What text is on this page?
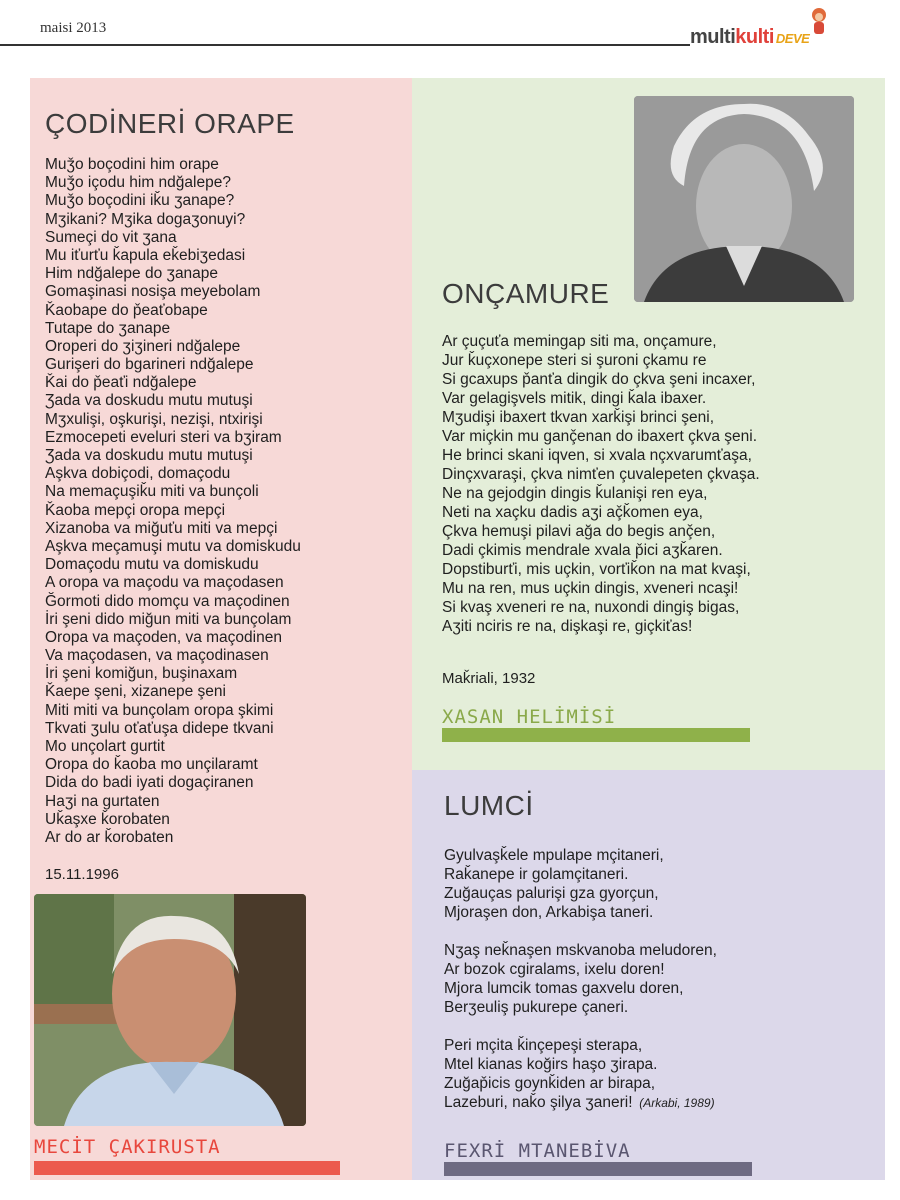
maisi 2013	multikulti DEVE
ÇODİNERİ ORAPE
Muǯo boçodini him orape
Muǯo içodu him ndğalepe?
Muǯo boçodini iǩu ʒanape?
Mʒikani? Mʒika dogaʒonuyi?
Sumeçi do vit ʒana
Mu iťurťu ǩapula eǩebiʒedasi
Him ndğalepe do ʒanape
Gomaşinasi nosişa meyebolam
Ǩaobape do p̌eaťobape
Tutape do ʒanape
Oroperi do ʒiʒineri ndğalepe
Gurişeri do bgarineri ndğalepe
Ǩai do p̌eaťi ndğalepe
Ʒada va doskudu mutu mutuşi
Mʒxulişi, oşkurişi, nezişi, ntxirişi
Ezmocepeti eveluri steri va bʒiram
Ʒada va doskudu mutu mutuşi
Aşkva dobiçodi, domaçodu
Na memaçuşiǩu miti va bunçoli
Ǩaoba mepçi oropa mepçi
Xizanoba va miğuťu miti va mepçi
Aşkva meçamuşi mutu va domiskudu
Domaçodu mutu va domiskudu
A oropa va maçodu va maçodasen
Ğormoti dido momçu va maçodinen
İri şeni dido miğun miti va bunçolam
Oropa va maçoden, va maçodinen
Va maçodasen, va maçodinasen
İri şeni komiğun, buşinaxam
Ǩaepe şeni, xizanepe şeni
Miti miti va bunçolam oropa şkimi
Tkvati ʒulu oťaťuşa didepe tkvani
Mo unçolart gurtit
Oropa do ǩaoba mo unçilaramt
Dida do badi iyati dogaçiranen
Haʒi na gurtaten
Uǩaşxe ǩorobaten
Ar do ar ǩorobaten
15.11.1996
MECİT ÇAKIRUSTA
ONÇAMURE
Ar çuçuťa memingap siti ma, onçamure,
Jur ǩuçxonepe steri si şuroni çkamu re
Si gcaxups p̌anťa dingik do çkva şeni incaxer,
Var gelagişvels mitik, dingi ǩala ibaxer.
Mʒudişi ibaxert tkvan xarǩişi brinci şeni,
Var miçkin mu ganç̌enan do ibaxert çkva şeni.
He brinci skani iqven, si xvala nçxvarumťaşa,
Dinçxvaraşi, çkva nimťen çuvalepeten çkvaşa.
Ne na gejodgin dingis ǩulanişi ren eya,
Neti na xaçku dadis aʒi aç̌ǩomen eya,
Çkva hemuşi pilavi ağa do begis anç̌en,
Dadi çkimis mendrale xvala p̌ici aʒǩaren.
Dopstiburťi, mis uçkin, vorťiǩon na mat kvaşi,
Mu na ren, mus uçkin dingis, xveneri ncaşi!
Si kvaş xveneri re na, nuxondi dingiş bigas,
Aʒiti nciris re na, dişkaşi re, giçkiťas!
Maǩriali, 1932
XASAN HELİMİSİ
LUMCİ
Gyulvaşǩele mpulape mçitaneri,
Raǩanepe ir golamçitaneri.
Zuğauças palurişi gza gyorçun,
Mjoraşen don, Arkabişa taneri.
Nʒaş neǩnaşen mskvanoba meludoren,
Ar bozok cgiralams, ixelu doren!
Mjora lumcik tomas gaxvelu doren,
Berʒeuliş pukurepe çaneri.
Peri mçita ǩinçepeşi sterapa,
Mtel kianas koğirs haşo ʒirapa.
Zuğap̌icis goynǩiden ar birapa,
Lazeburi, naǩo şilya ʒaneri!  (Arkabi, 1989)
FEXRİ MTANEBİVA
